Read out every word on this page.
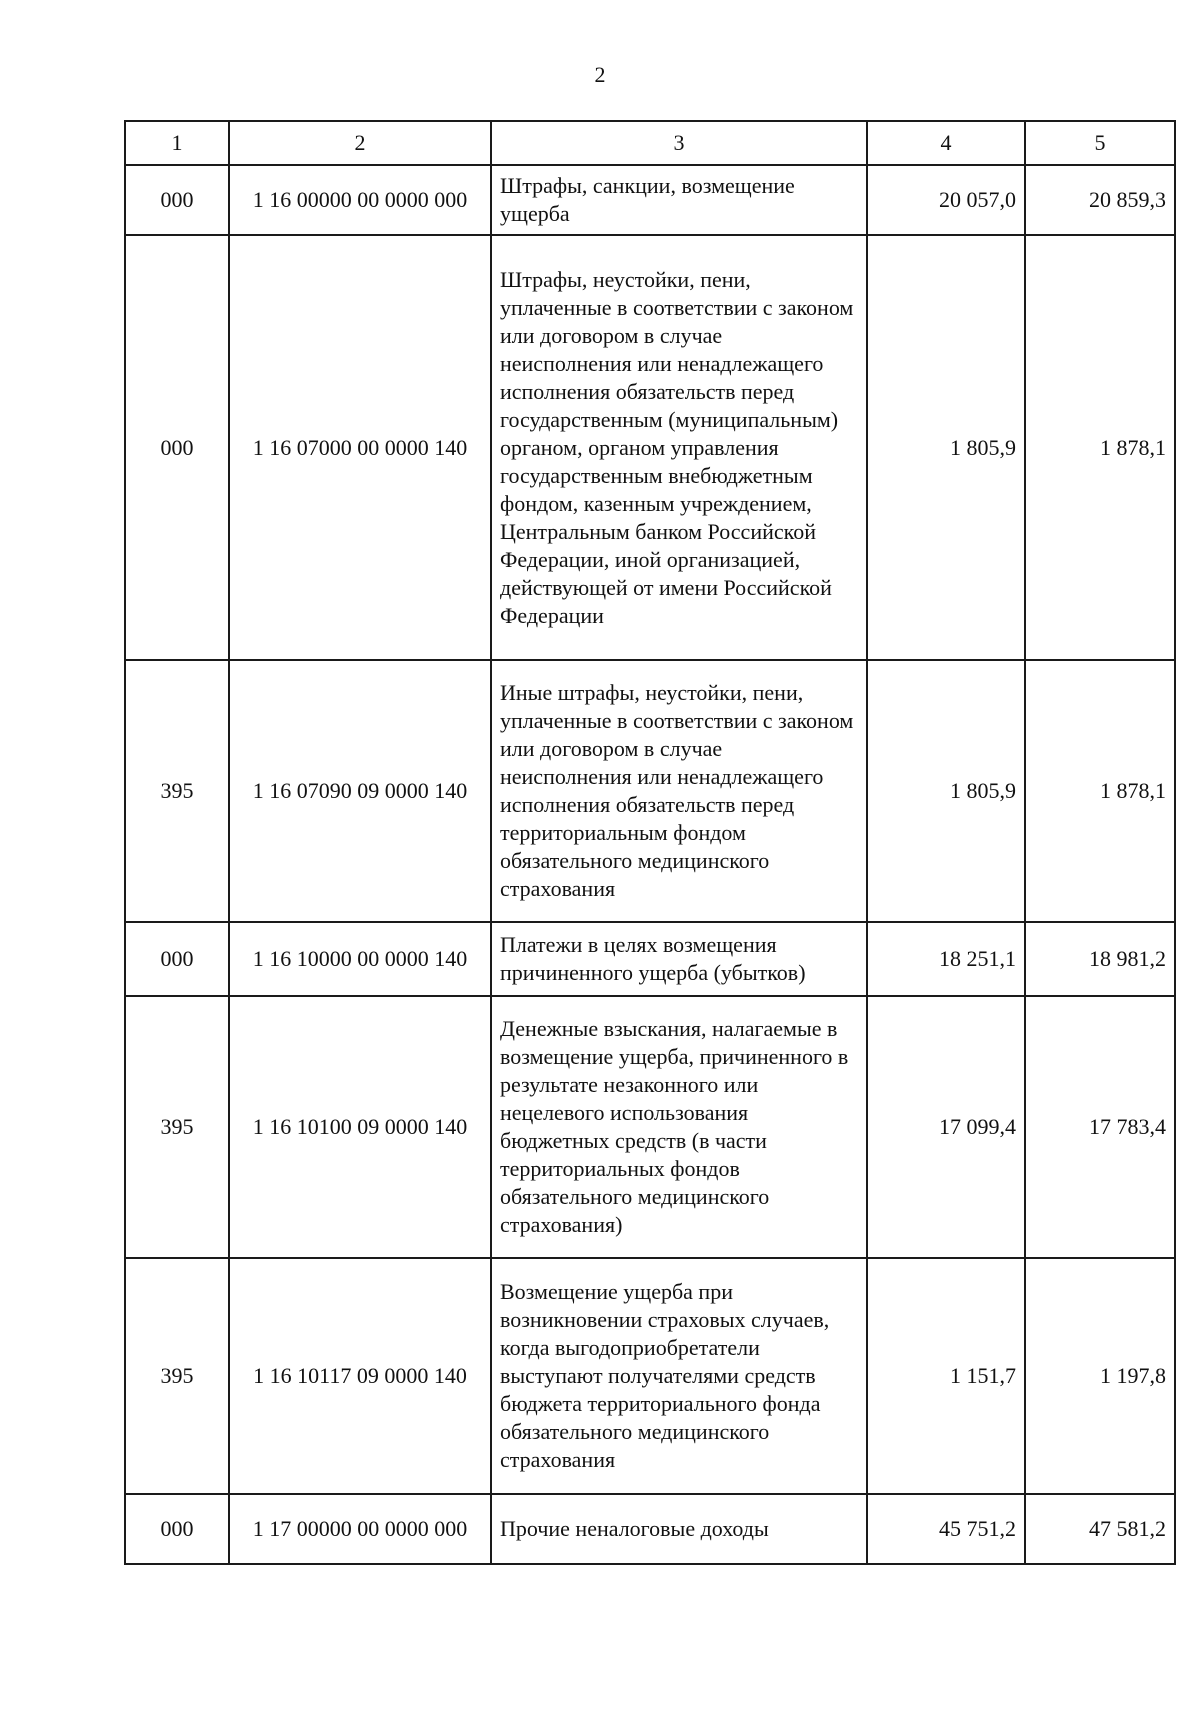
2
1	2	3	4	5
000	1 16 00000 00 0000 000	Штрафы, санкции, возмещение ущерба	20 057,0	20 859,3
000	1 16 07000 00 0000 140	Штрафы, неустойки, пени, уплаченные в соответствии с законом или договором в случае неисполнения или ненадлежащего исполнения обязательств перед государственным (муниципальным) органом, органом управления государственным внебюджетным фондом, казенным учреждением, Центральным банком Российской Федерации, иной организацией, действующей от имени Российской Федерации	1 805,9	1 878,1
395	1 16 07090 09 0000 140	Иные штрафы, неустойки, пени, уплаченные в соответствии с законом или договором в случае неисполнения или ненадлежащего исполнения обязательств перед территориальным фондом обязательного медицинского страхования	1 805,9	1 878,1
000	1 16 10000 00 0000 140	Платежи в целях возмещения причиненного ущерба (убытков)	18 251,1	18 981,2
395	1 16 10100 09 0000 140	Денежные взыскания, налагаемые в возмещение ущерба, причиненного в результате незаконного или нецелевого использования бюджетных средств (в части территориальных фондов обязательного медицинского страхования)	17 099,4	17 783,4
395	1 16 10117 09 0000 140	Возмещение ущерба при возникновении страховых случаев, когда выгодоприобретатели выступают получателями средств бюджета территориального фонда обязательного медицинского страхования	1 151,7	1 197,8
000	1 17 00000 00 0000 000	Прочие неналоговые доходы	45 751,2	47 581,2
